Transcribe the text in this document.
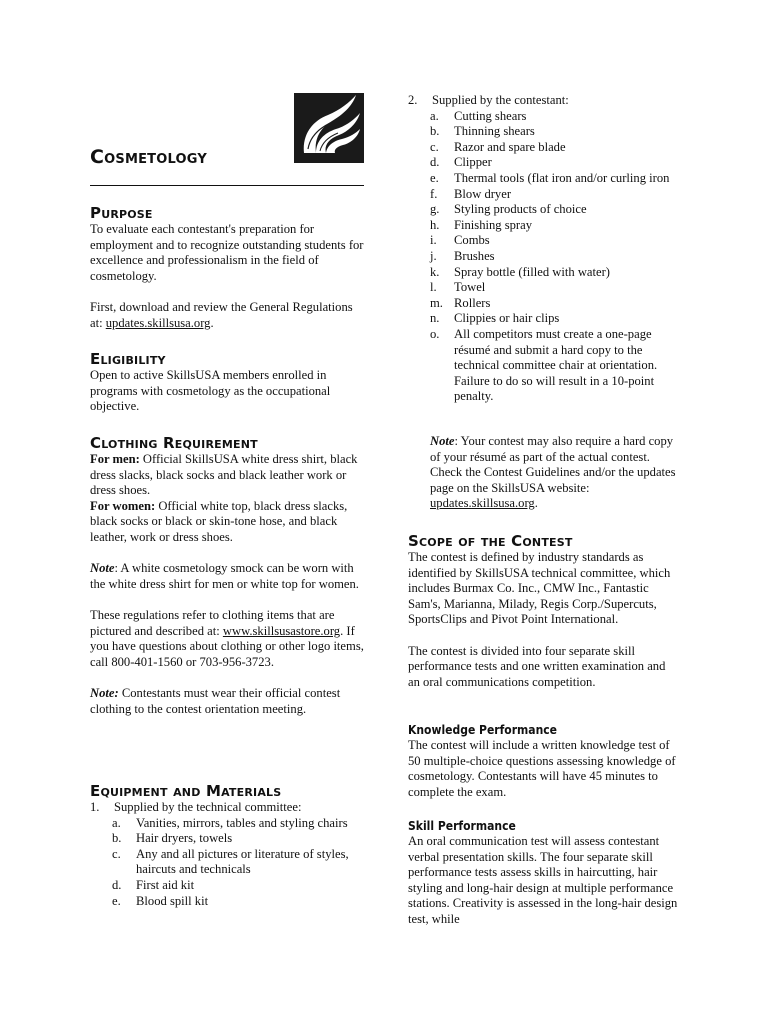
Cosmetology
Purpose

To evaluate each contestant's preparation for employment and to recognize outstanding students for excellence and professionalism in the field of cosmetology.

First, download and review the General Regulations at: updates.skillsusa.org.

Eligibility

Open to active SkillsUSA members enrolled in programs with cosmetology as the occupational objective.

Clothing Requirement

For men: Official SkillsUSA white dress shirt, black dress slacks, black socks and black leather work or dress shoes.

For women: Official white top, black dress slacks, black socks or black or skin-tone hose, and black leather, work or dress shoes.

Note: A white cosmetology smock can be worn with the white dress shirt for men or white top for women.

These regulations refer to clothing items that are pictured and described at: www.skillsusastore.org. If you have questions about clothing or other logo items, call 800-401-1560 or 703-956-3723.

Note: Contestants must wear their official contest clothing to the contest orientation meeting.

Equipment and Materials
1. Supplied by the technical committee:
a. Vanities, mirrors, tables and styling chairs
b. Hair dryers, towels
c. Any and all pictures or literature of styles, haircuts and technicals
d. First aid kit
e. Blood spill kit
2. Supplied by the contestant:
a. Cutting shears
b. Thinning shears
c. Razor and spare blade
d. Clipper
e. Thermal tools (flat iron and/or curling iron
f. Blow dryer
g. Styling products of choice
h. Finishing spray
i. Combs
j. Brushes
k. Spray bottle (filled with water)
l. Towel
m. Rollers
n. Clippies or hair clips
o. All competitors must create a one-page résumé and submit a hard copy to the technical committee chair at orientation. Failure to do so will result in a 10-point penalty.

Note: Your contest may also require a hard copy of your résumé as part of the actual contest. Check the Contest Guidelines and/or the updates page on the SkillsUSA website: updates.skillsusa.org.

Scope of the Contest

The contest is defined by industry standards as identified by SkillsUSA technical committee, which includes Burmax Co. Inc., CMW Inc., Fantastic Sam's, Marianna, Milady, Regis Corp./Supercuts, SportsClips and Pivot Point International.

The contest is divided into four separate skill performance tests and one written examination and an oral communications competition.

Knowledge Performance

The contest will include a written knowledge test of 50 multiple-choice questions assessing knowledge of cosmetology. Contestants will have 45 minutes to complete the exam.

Skill Performance

An oral communication test will assess contestant verbal presentation skills. The four separate skill performance tests assess skills in haircutting, hair styling and long-hair design at multiple performance stations. Creativity is assessed in the long-hair design test, while
